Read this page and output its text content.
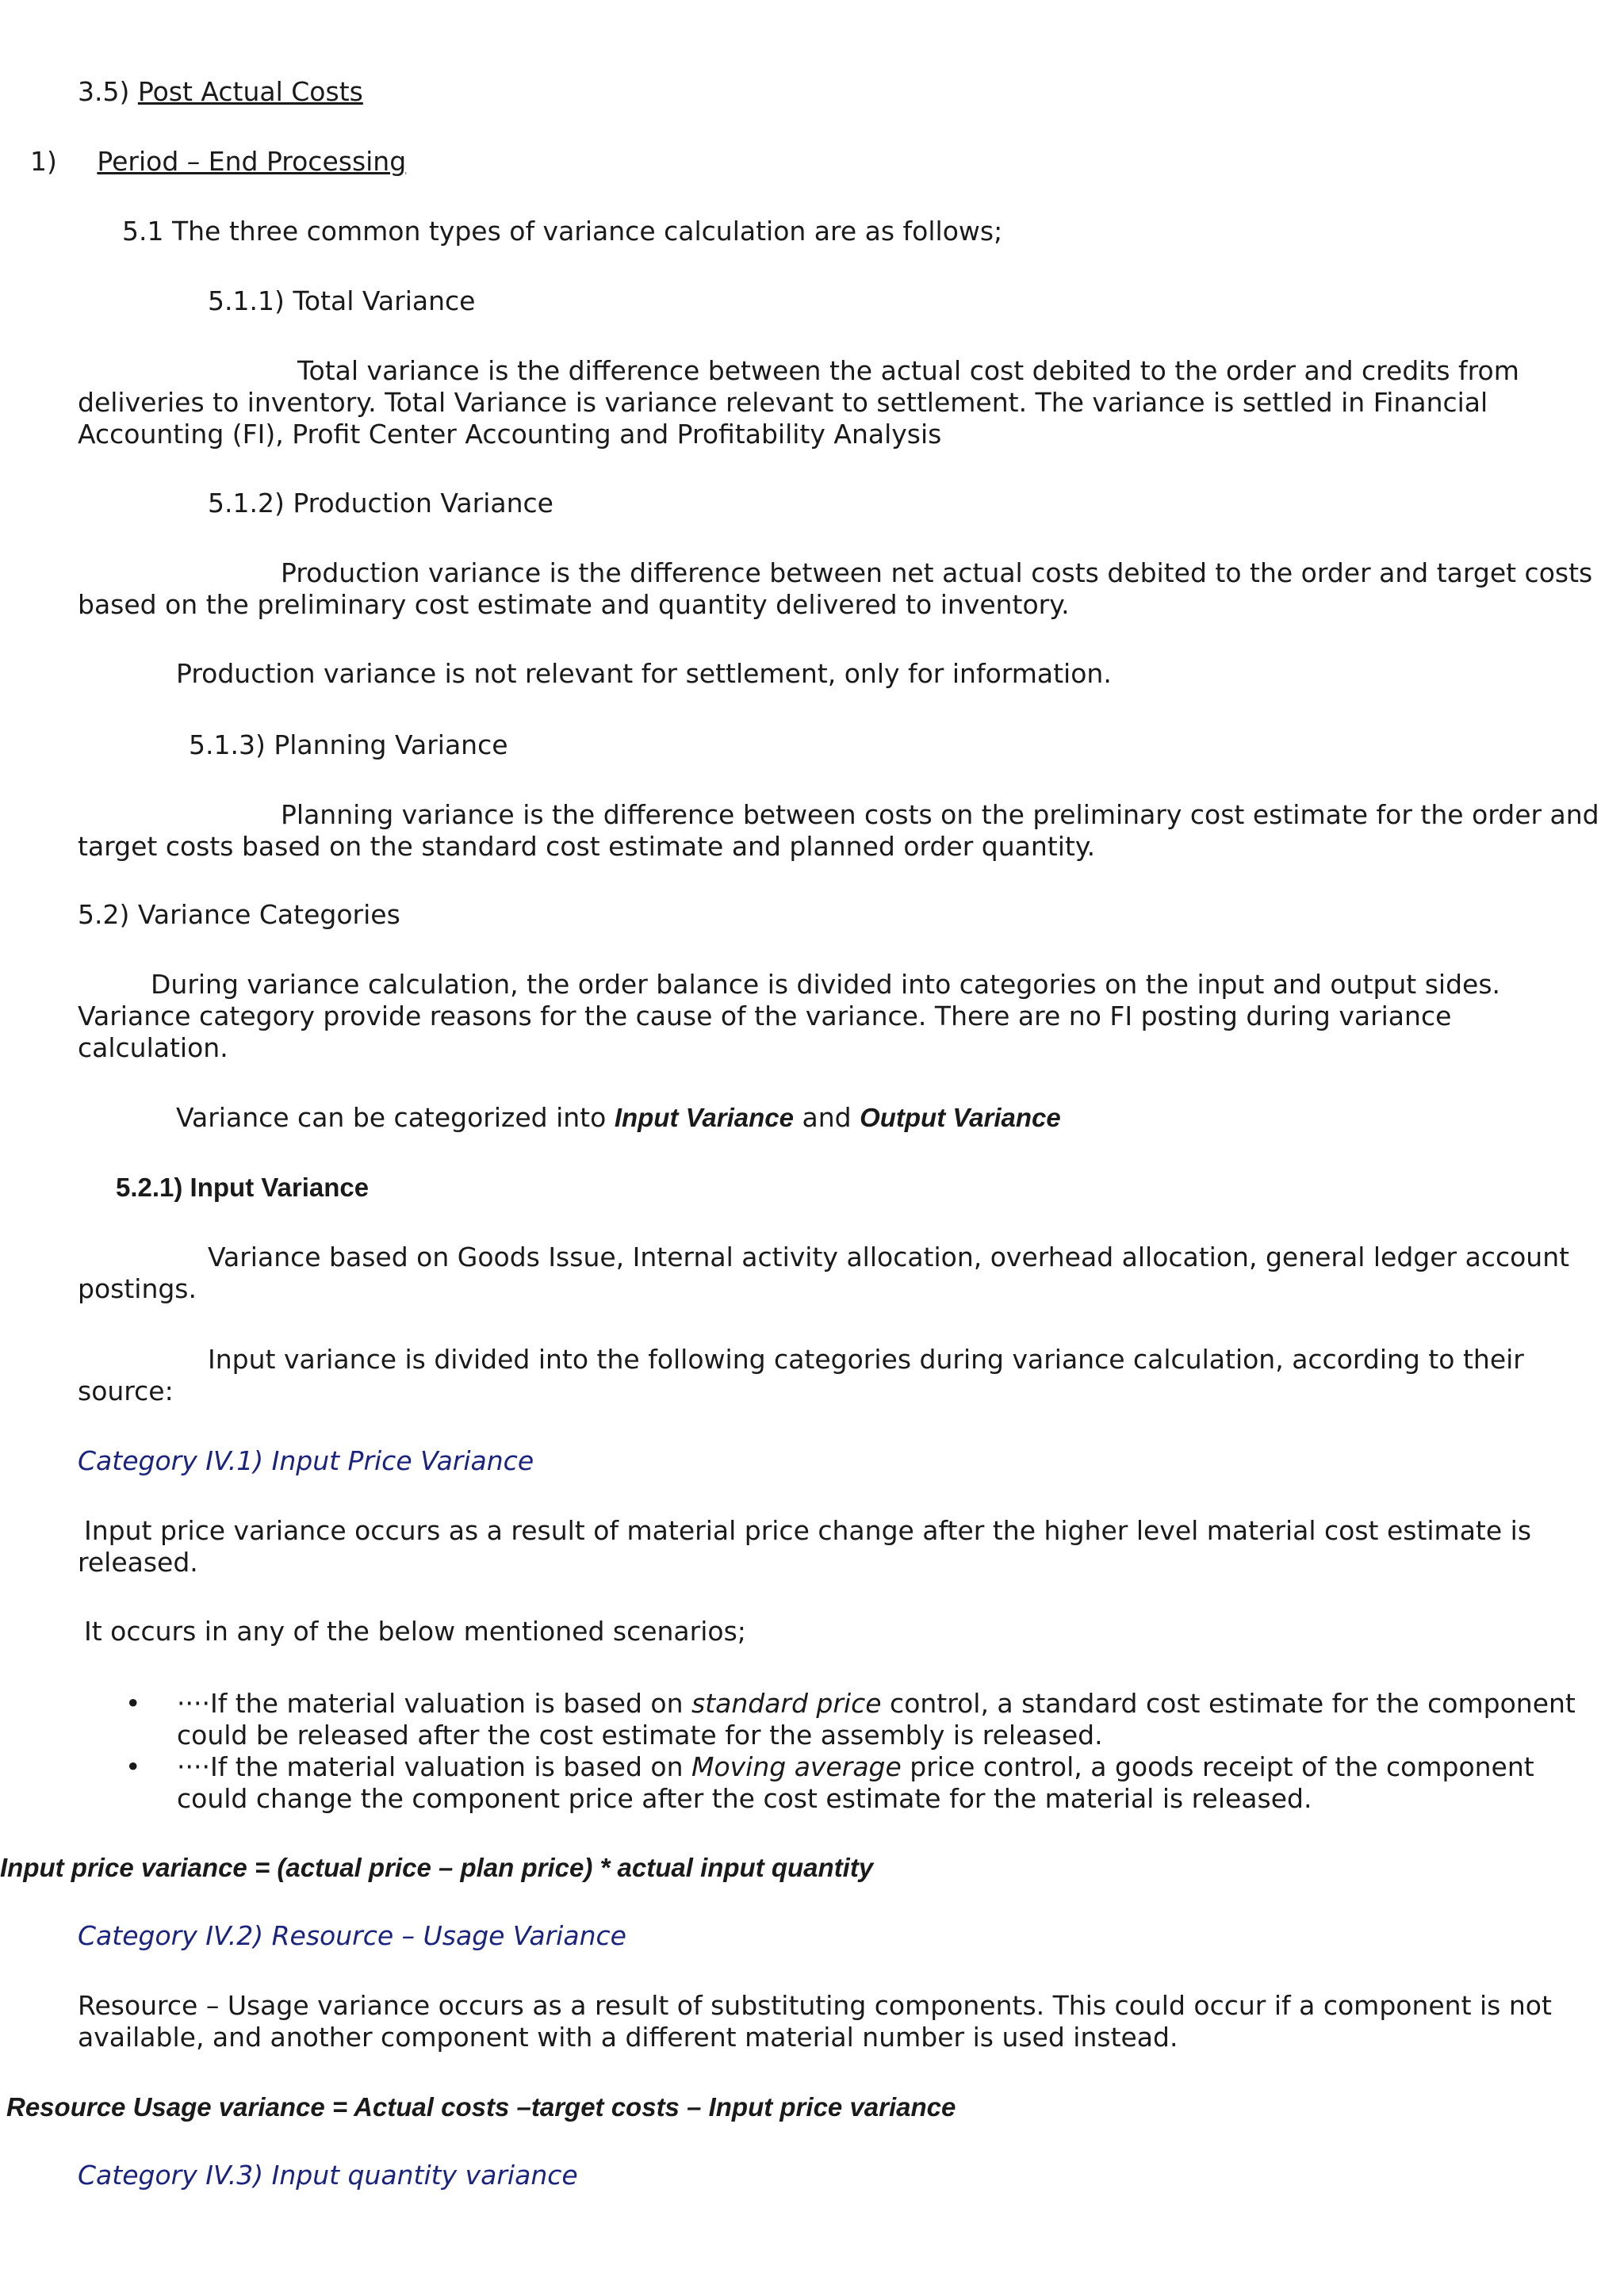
3.5) Post Actual Costs
1) Period – End Processing
5.1 The three common types of variance calculation are as follows;
5.1.1) Total Variance
Total variance is the difference between the actual cost debited to the order and credits from deliveries to inventory. Total Variance is variance relevant to settlement. The variance is settled in Financial Accounting (FI), Profit Center Accounting and Profitability Analysis
5.1.2) Production Variance
Production variance is the difference between net actual costs debited to the order and target costs based on the preliminary cost estimate and quantity delivered to inventory.
Production variance is not relevant for settlement, only for information.
5.1.3) Planning Variance
Planning variance is the difference between costs on the preliminary cost estimate for the order and target costs based on the standard cost estimate and planned order quantity.
5.2) Variance Categories
During variance calculation, the order balance is divided into categories on the input and output sides. Variance category provide reasons for the cause of the variance. There are no FI posting during variance calculation.
Variance can be categorized into Input Variance and Output Variance
5.2.1) Input Variance
Variance based on Goods Issue, Internal activity allocation, overhead allocation, general ledger account postings.
Input variance is divided into the following categories during variance calculation, according to their source:
Category IV.1) Input Price Variance
Input price variance occurs as a result of material price change after the higher level material cost estimate is released.
It occurs in any of the below mentioned scenarios;
• ····If the material valuation is based on standard price control, a standard cost estimate for the component could be released after the cost estimate for the assembly is released.
• ····If the material valuation is based on Moving average price control, a goods receipt of the component could change the component price after the cost estimate for the material is released.
Input price variance = (actual price – plan price) * actual input quantity
Category IV.2) Resource – Usage Variance
Resource – Usage variance occurs as a result of substituting components. This could occur if a component is not available, and another component with a different material number is used instead.
Resource Usage variance = Actual costs –target costs – Input price variance
Category IV.3) Input quantity variance
